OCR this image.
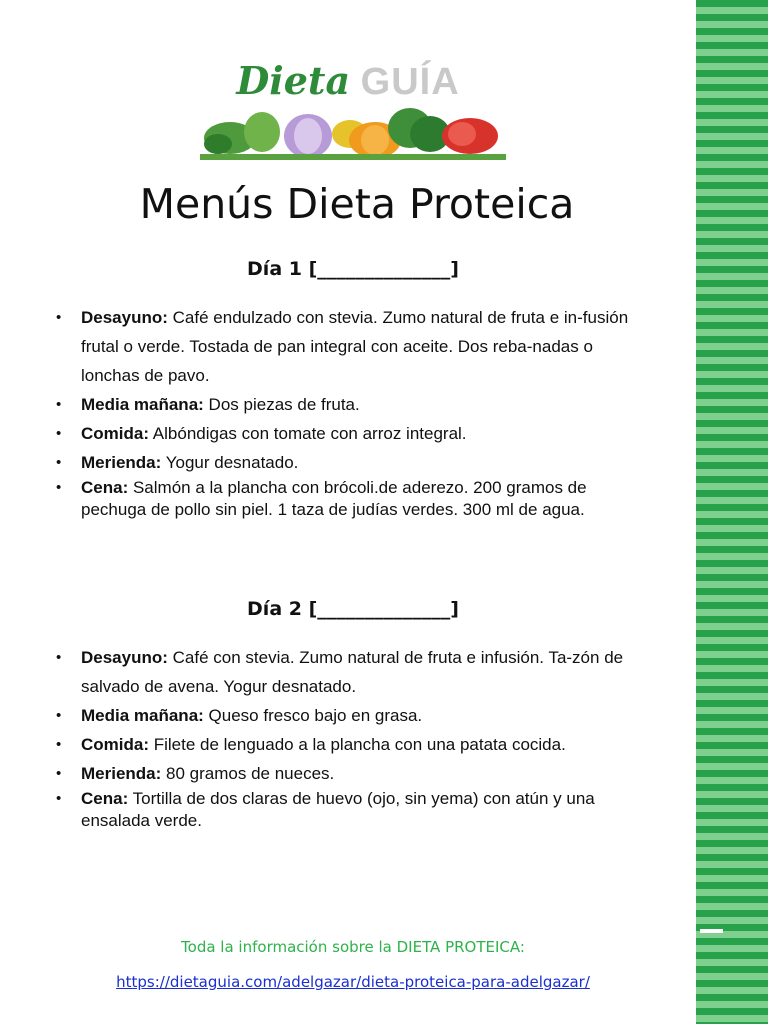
Dieta GUÍA
Menús Dieta Proteica
Día 1 [______________]
• Desayuno: Café endulzado con stevia. Zumo natural de fruta e in-fusión frutal o verde. Tostada de pan integral con aceite. Dos reba-nadas o lonchas de pavo.
• Media mañana: Dos piezas de fruta.
• Comida: Albóndigas con tomate con arroz integral.
• Merienda: Yogur desnatado.
• Cena: Salmón a la plancha con brócoli.de aderezo. 200 gramos de pechuga de pollo sin piel. 1 taza de judías verdes. 300 ml de agua.
Día 2 [______________]
• Desayuno: Café con stevia. Zumo natural de fruta e infusión. Ta-zón de salvado de avena. Yogur desnatado.
• Media mañana: Queso fresco bajo en grasa.
• Comida: Filete de lenguado a la plancha con una patata cocida.
• Merienda: 80 gramos de nueces.
• Cena: Tortilla de dos claras de huevo (ojo, sin yema) con atún y una ensalada verde.
Toda la información sobre la DIETA PROTEICA:
https://dietaguia.com/adelgazar/dieta-proteica-para-adelgazar/
